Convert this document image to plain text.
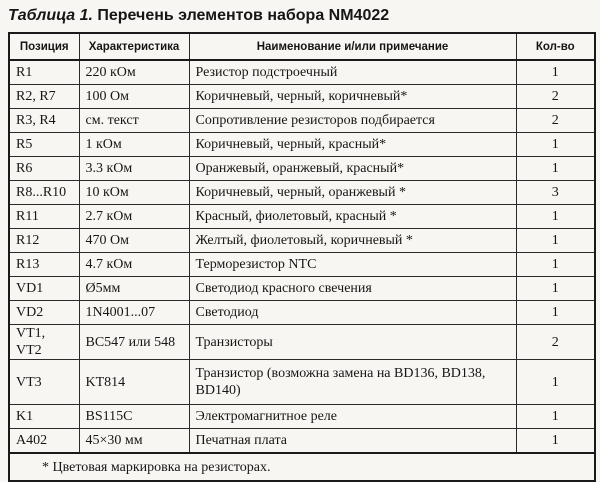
Таблица 1. Перечень элементов набора NM4022
Позиция	Характеристика	Наименование и/или примечание	Кол-во
R1	220 кОм	Резистор подстроечный	1
R2, R7	100 Ом	Коричневый, черный, коричневый*	2
R3, R4	см. текст	Сопротивление резисторов подбирается	2
R5	1 кОм	Коричневый, черный, красный*	1
R6	3.3 кОм	Оранжевый, оранжевый, красный*	1
R8...R10	10 кОм	Коричневый, черный, оранжевый *	3
R11	2.7 кОм	Красный, фиолетовый, красный *	1
R12	470 Ом	Желтый, фиолетовый, коричневый *	1
R13	4.7 кОм	Терморезистор NTC	1
VD1	Ø5мм	Светодиод красного свечения	1
VD2	1N4001...07	Светодиод	1
VT1, VT2	BC547 или 548	Транзисторы	2
VT3	KT814	Транзистор (возможна замена на BD136, BD138, BD140)	1
K1	BS115C	Электромагнитное реле	1
A402	45×30 мм	Печатная плата	1
* Цветовая маркировка на резисторах.			
